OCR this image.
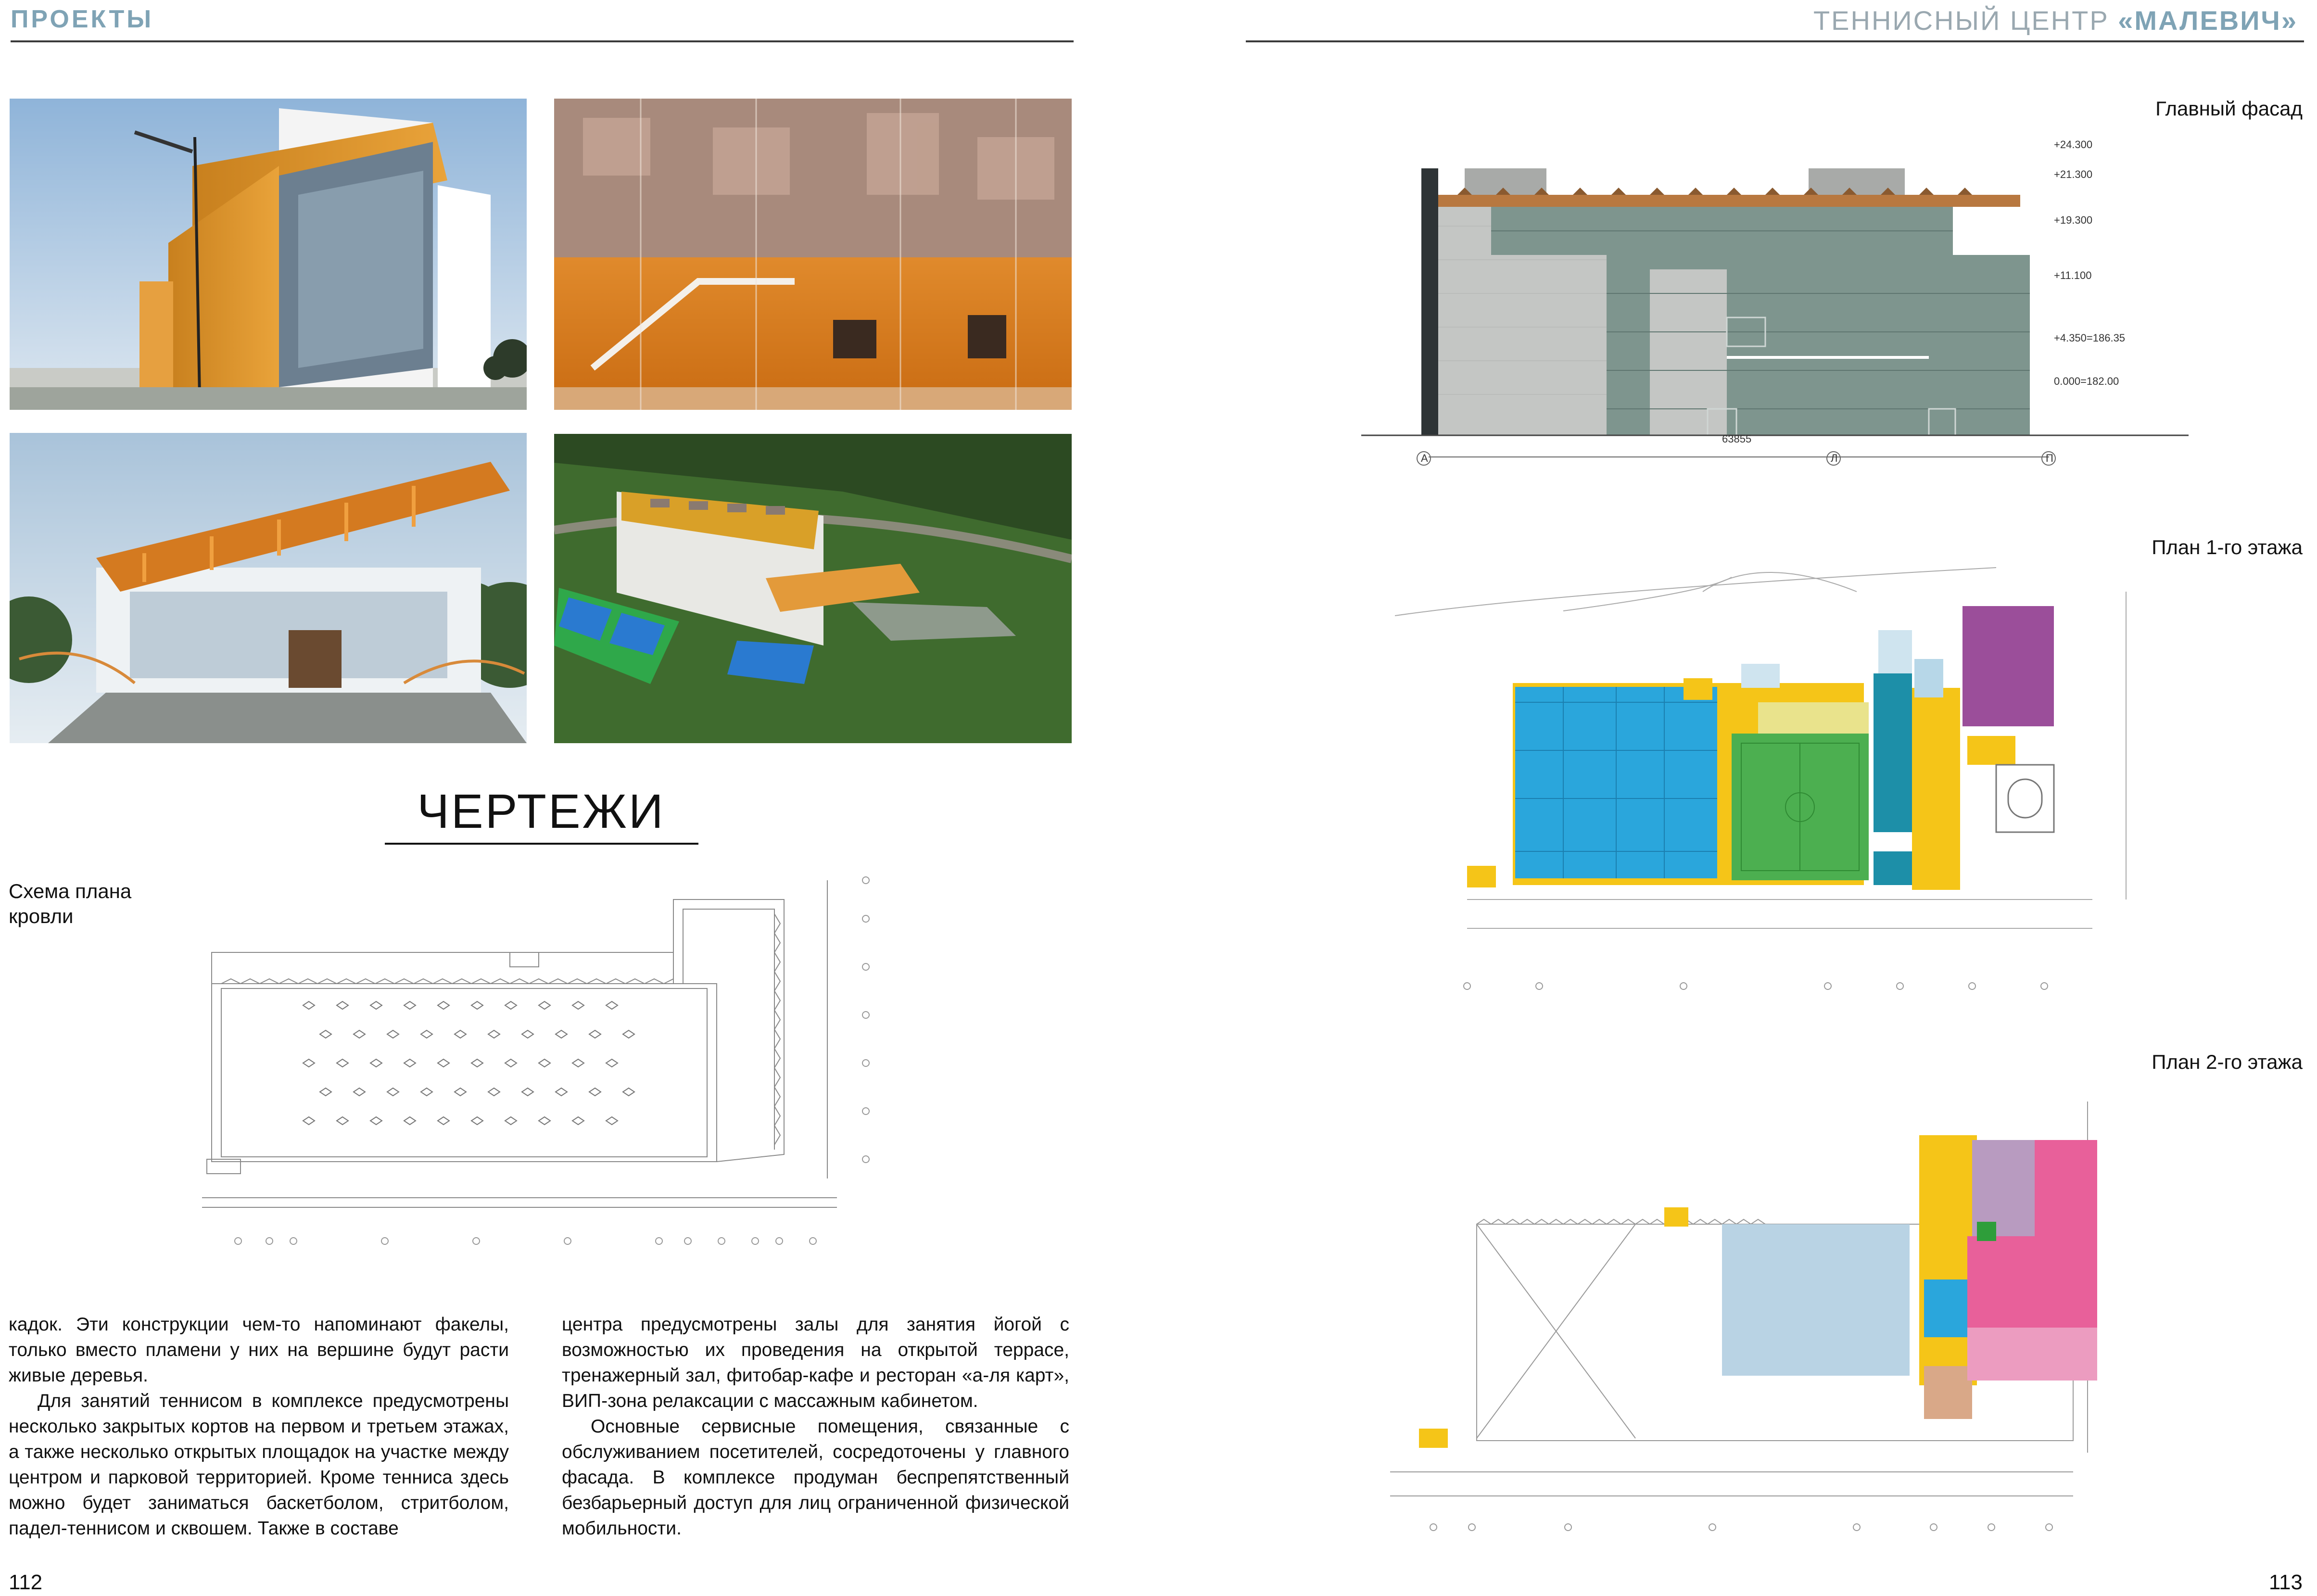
ПРОЕКТЫ	ТЕННИСНЫЙ ЦЕНТР «МАЛЕВИЧ»
ЧЕРТЕЖИ
Схема плана кровли

кадок. Эти конструкции чем-то напоминают факелы, только вместо пламени у них на вершине будут расти живые деревья.

Для занятий теннисом в комплексе предусмотрены несколько закрытых кортов на первом и третьем этажах, а также несколько открытых площадок на участке между центром и парковой территорией. Кроме тенниса здесь можно будет заниматься баскетболом, стритболом, падел-теннисом и сквошем. Также в составе

центра предусмотрены залы для занятия йогой с возможностью их проведения на открытой террасе, тренажерный зал, фитобар-кафе и ресторан «а-ля карт», ВИП-зона релаксации с массажным кабинетом.

Основные сервисные помещения, связанные с обслуживанием посетителей, сосредоточены у главного фасада. В комплексе продуман беспрепятственный безбарьерный доступ для лиц ограниченной физической мобильности.

112	113
Главный фасад
+24.300
+21.300
+19.300
+11.100
+4.350=186.35
0.000=182.00
63855
А	Л	П
План 1-го этажа
План 2-го этажа
